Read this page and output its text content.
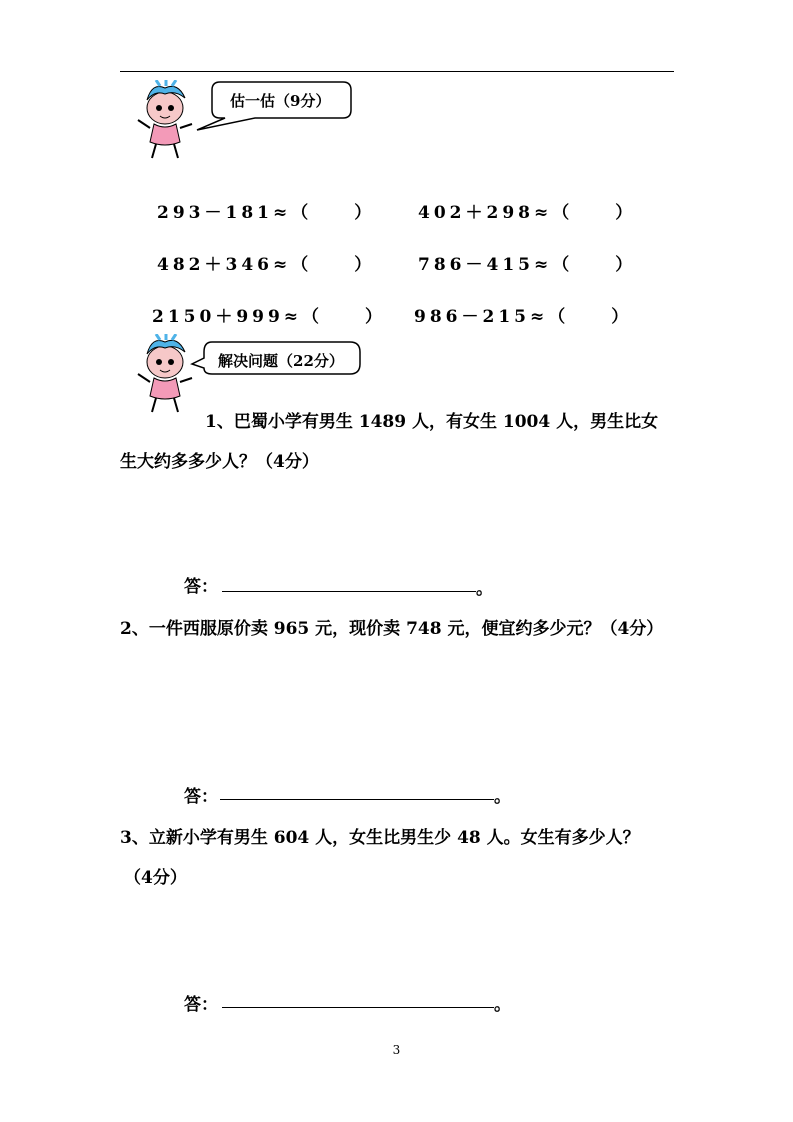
估一估（9分）
293－181≈（　　）	402＋298≈（　　）
482＋346≈（　　）	786－415≈（　　）
2150＋999≈（　　） 986－215≈（　　）
解决问题（22分）
1、巴蜀小学有男生 1489 人，有女生 1004 人，男生比女
生大约多多少人？（4分）
答：	。
2、一件西服原价卖 965 元，现价卖 748 元，便宜约多少元？（4分）
答：	。
3、立新小学有男生 604 人，女生比男生少 48 人。女生有多少人？
（4分）
答：	。
3
